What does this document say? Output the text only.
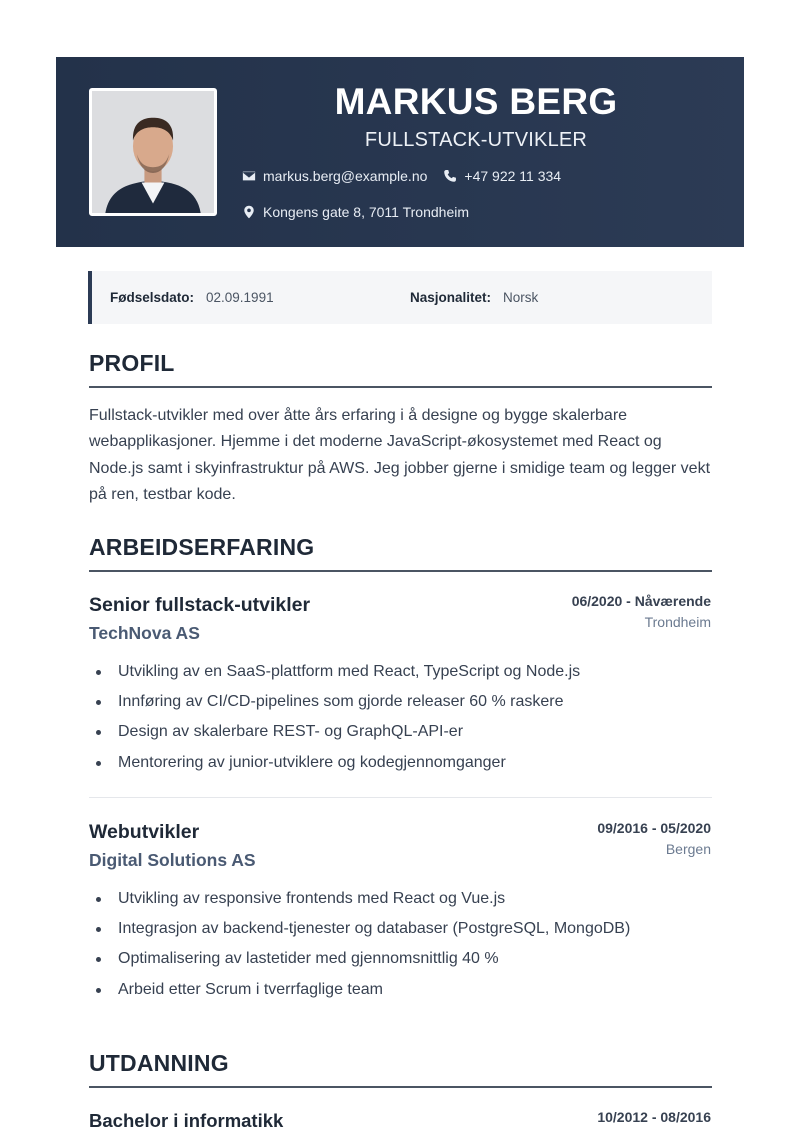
MARKUS BERG
FULLSTACK-UTVIKLER
markus.berg@example.no	+47 922 11 334
Kongens gate 8, 7011 Trondheim
Fødselsdato: 02.09.1991	Nasjonalitet: Norsk
PROFIL
Fullstack-utvikler med over åtte års erfaring i å designe og bygge skalerbare webapplikasjoner. Hjemme i det moderne JavaScript-økosystemet med React og Node.js samt i skyinfrastruktur på AWS. Jeg jobber gjerne i smidige team og legger vekt på ren, testbar kode.
ARBEIDSERFARING
Senior fullstack-utvikler
TechNova AS
06/2020 - Nåværende
Trondheim
Utvikling av en SaaS-plattform med React, TypeScript og Node.js
Innføring av CI/CD-pipelines som gjorde releaser 60 % raskere
Design av skalerbare REST- og GraphQL-API-er
Mentorering av junior-utviklere og kodegjennomganger
Webutvikler
Digital Solutions AS
09/2016 - 05/2020
Bergen
Utvikling av responsive frontends med React og Vue.js
Integrasjon av backend-tjenester og databaser (PostgreSQL, MongoDB)
Optimalisering av lastetider med gjennomsnittlig 40 %
Arbeid etter Scrum i tverrfaglige team
UTDANNING
Bachelor i informatikk	10/2012 - 08/2016
